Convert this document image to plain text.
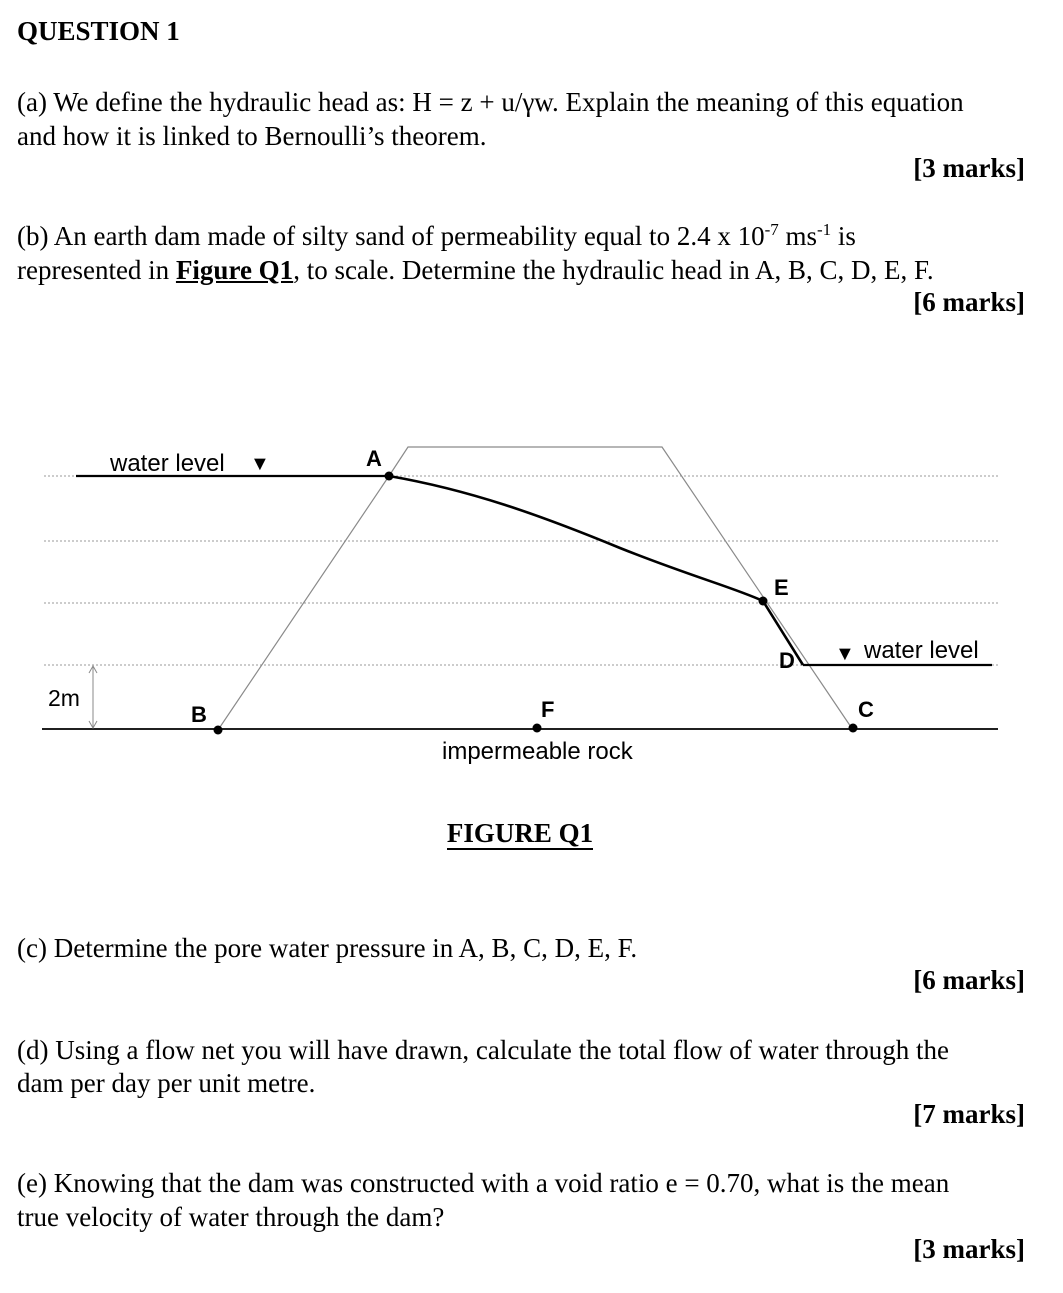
QUESTION 1
(a) We define the hydraulic head as: H = z + u/γw. Explain the meaning of this equation
and how it is linked to Bernoulli’s theorem.
[3 marks]
(b) An earth dam made of silty sand of permeability equal to 2.4 x $10^{-7}$ $ms^{-1}$ is
represented in Figure Q1, to scale. Determine the hydraulic head in A, B, C, D, E, F.
[6 marks]
water level ▼	A
E
D ▼ water level
2m
B	F	C
impermeable rock
FIGURE Q1
(c) Determine the pore water pressure in A, B, C, D, E, F.
[6 marks]
(d) Using a flow net you will have drawn, calculate the total flow of water through the
dam per day per unit metre.
[7 marks]
(e) Knowing that the dam was constructed with a void ratio e = 0.70, what is the mean
true velocity of water through the dam?
[3 marks]
